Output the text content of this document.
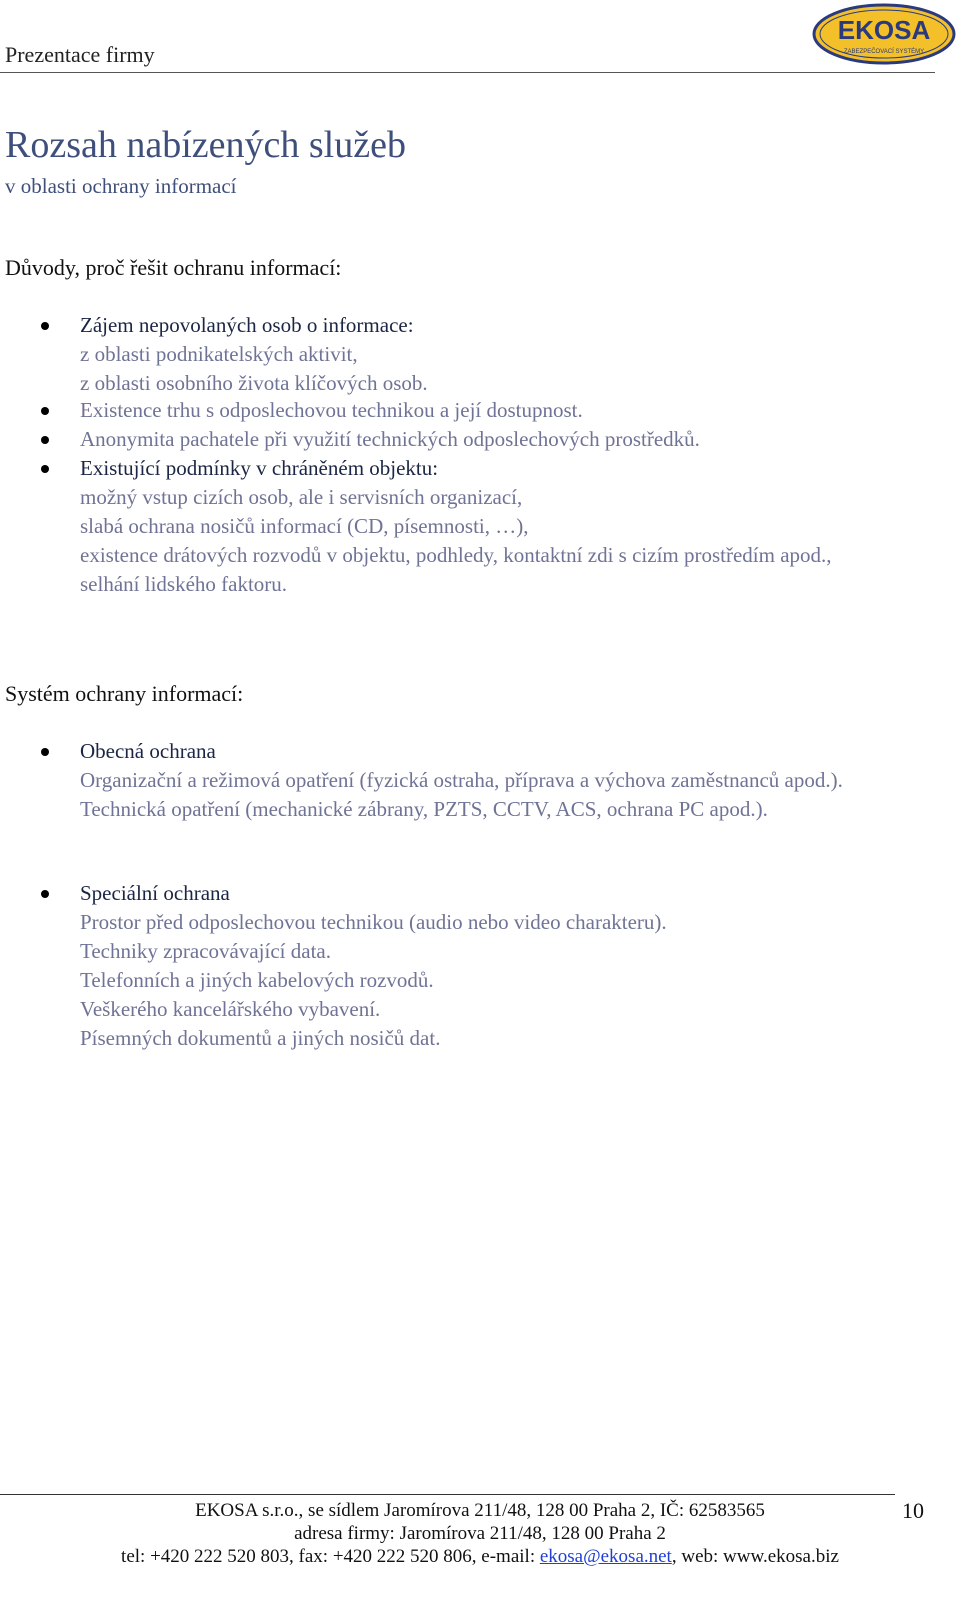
Prezentace firmy
EKOSA
ZABEZPEČOVACÍ SYSTÉMY
Rozsah nabízených služeb
v oblasti ochrany informací
Důvody, proč řešit ochranu informací:
Zájem nepovolaných osob o informace:
z oblasti podnikatelských aktivit,
z oblasti osobního života klíčových osob.
Existence trhu s odposlechovou technikou a její dostupnost.
Anonymita pachatele při využití technických odposlechových prostředků.
Existující podmínky v chráněném objektu:
možný vstup cizích osob, ale i servisních organizací,
slabá ochrana nosičů informací (CD, písemnosti, …),
existence drátových rozvodů v objektu, podhledy, kontaktní zdi s cizím prostředím apod.,
selhání lidského faktoru.
Systém ochrany informací:
Obecná ochrana
Organizační a režimová opatření (fyzická ostraha, příprava a výchova zaměstnanců apod.).
Technická opatření (mechanické zábrany, PZTS, CCTV, ACS, ochrana PC apod.).
Speciální ochrana
Prostor před odposlechovou technikou (audio nebo video charakteru).
Techniky zpracovávající data.
Telefonních a jiných kabelových rozvodů.
Veškerého kancelářského vybavení.
Písemných dokumentů a jiných nosičů dat.
10
EKOSA s.r.o., se sídlem Jaromírova 211/48, 128 00 Praha 2, IČ: 62583565
adresa firmy: Jaromírova 211/48, 128 00 Praha 2
tel: +420 222 520 803, fax: +420 222 520 806, e-mail: ekosa@ekosa.net, web: www.ekosa.biz
